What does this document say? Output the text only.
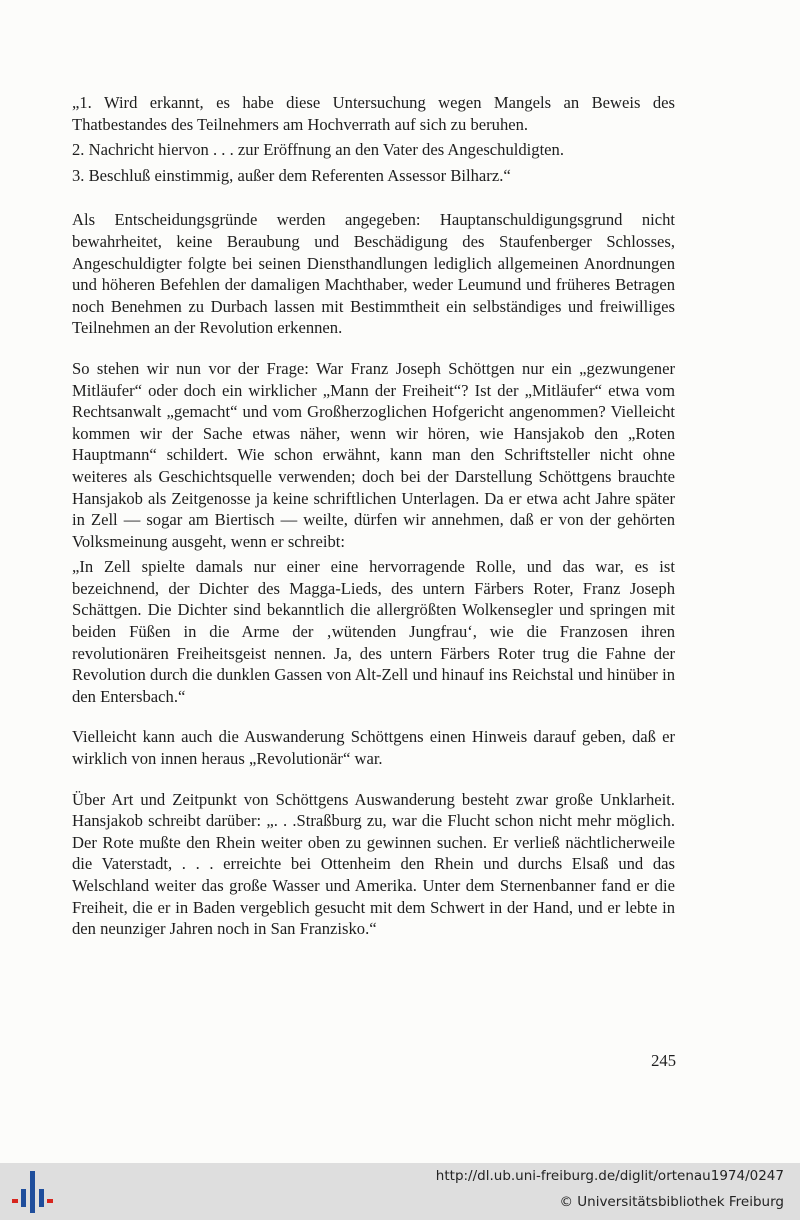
„1. Wird erkannt, es habe diese Untersuchung wegen Mangels an Beweis des Thatbestandes des Teilnehmers am Hochverrath auf sich zu beruhen.

2. Nachricht hiervon . . . zur Eröffnung an den Vater des Angeschuldigten.

3. Beschluß einstimmig, außer dem Referenten Assessor Bilharz.“

Als Entscheidungsgründe werden angegeben: Hauptanschuldigungsgrund nicht bewahrheitet, keine Beraubung und Beschädigung des Staufenberger Schlosses, Angeschuldigter folgte bei seinen Diensthandlungen lediglich allgemeinen Anordnungen und höheren Befehlen der damaligen Machthaber, weder Leumund und früheres Betragen noch Benehmen zu Durbach lassen mit Bestimmtheit ein selbständiges und freiwilliges Teilnehmen an der Revolution erkennen.

So stehen wir nun vor der Frage: War Franz Joseph Schöttgen nur ein „gezwungener Mitläufer“ oder doch ein wirklicher „Mann der Freiheit“? Ist der „Mitläufer“ etwa vom Rechtsanwalt „gemacht“ und vom Großherzoglichen Hofgericht angenommen? Vielleicht kommen wir der Sache etwas näher, wenn wir hören, wie Hansjakob den „Roten Hauptmann“ schildert. Wie schon erwähnt, kann man den Schriftsteller nicht ohne weiteres als Geschichtsquelle verwenden; doch bei der Darstellung Schöttgens brauchte Hansjakob als Zeitgenosse ja keine schriftlichen Unterlagen. Da er etwa acht Jahre später in Zell — sogar am Biertisch — weilte, dürfen wir annehmen, daß er von der gehörten Volksmeinung ausgeht, wenn er schreibt:

„In Zell spielte damals nur einer eine hervorragende Rolle, und das war, es ist bezeichnend, der Dichter des Magga-Lieds, des untern Färbers Roter, Franz Joseph Schättgen. Die Dichter sind bekanntlich die allergrößten Wolkensegler und springen mit beiden Füßen in die Arme der ‚wütenden Jungfrau‘, wie die Franzosen ihren revolutionären Freiheitsgeist nennen. Ja, des untern Färbers Roter trug die Fahne der Revolution durch die dunklen Gassen von Alt-Zell und hinauf ins Reichstal und hinüber in den Entersbach.“

Vielleicht kann auch die Auswanderung Schöttgens einen Hinweis darauf geben, daß er wirklich von innen heraus „Revolutionär“ war.

Über Art und Zeitpunkt von Schöttgens Auswanderung besteht zwar große Unklarheit. Hansjakob schreibt darüber: „. . .Straßburg zu, war die Flucht schon nicht mehr möglich. Der Rote mußte den Rhein weiter oben zu gewinnen suchen. Er verließ nächtlicherweile die Vaterstadt, . . . erreichte bei Ottenheim den Rhein und durchs Elsaß und das Welschland weiter das große Wasser und Amerika. Unter dem Sternenbanner fand er die Freiheit, die er in Baden vergeblich gesucht mit dem Schwert in der Hand, und er lebte in den neunziger Jahren noch in San Franzisko.“

245
http://dl.ub.uni-freiburg.de/diglit/ortenau1974/0247
© Universitätsbibliothek Freiburg
